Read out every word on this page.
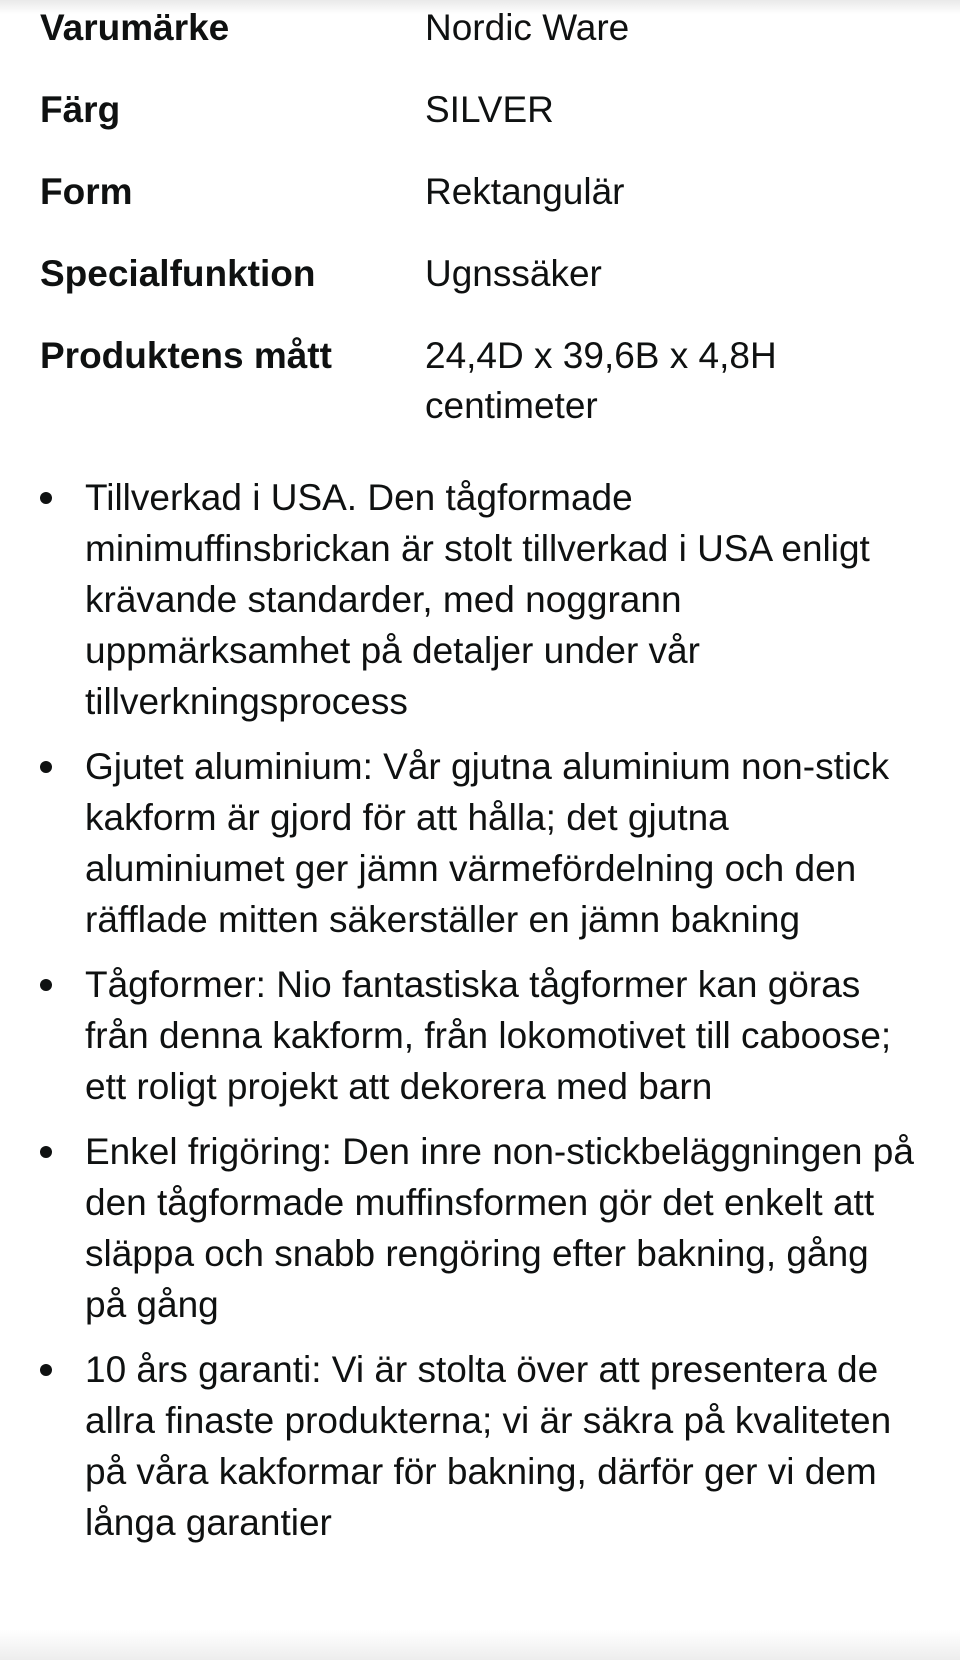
Varumärke	Nordic Ware
Färg	SILVER
Form	Rektangulär
Specialfunktion	Ugnssäker
Produktens mått	24,4D x 39,6B x 4,8H centimeter
Tillverkad i USA. Den tågformade minimuffinsbrickan är stolt tillverkad i USA enligt krävande standarder, med noggrann uppmärksamhet på detaljer under vår tillverkningsprocess
Gjutet aluminium: Vår gjutna aluminium non-stick kakform är gjord för att hålla; det gjutna aluminiumet ger jämn värmefördelning och den räfflade mitten säkerställer en jämn bakning
Tågformer: Nio fantastiska tågformer kan göras från denna kakform, från lokomotivet till caboose; ett roligt projekt att dekorera med barn
Enkel frigöring: Den inre non-stickbeläggningen på den tågformade muffinsformen gör det enkelt att släppa och snabb rengöring efter bakning, gång på gång
10 års garanti: Vi är stolta över att presentera de allra finaste produkterna; vi är säkra på kvaliteten på våra kakformar för bakning, därför ger vi dem långa garantier
